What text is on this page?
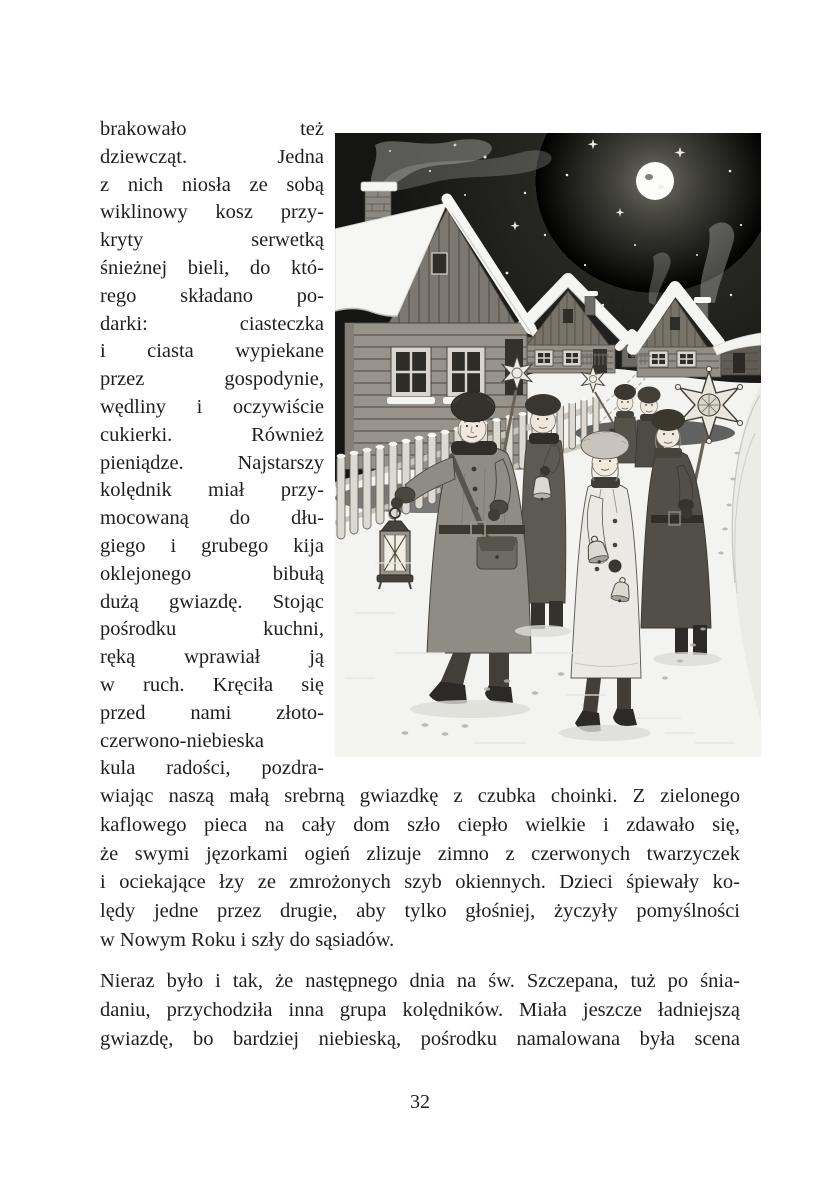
brakowało też
dziewcząt. Jedna
z nich niosła ze sobą
wiklinowy kosz przy-
kryty serwetką
śnieżnej bieli, do któ-
rego składano po-
darki: ciasteczka
i ciasta wypiekane
przez gospodynie,
wędliny i oczywiście
cukierki. Również
pieniądze. Najstarszy
kolędnik miał przy-
mocowaną do dłu-
giego i grubego kija
oklejonego bibułą
dużą gwiazdę. Stojąc
pośrodku kuchni,
ręką wprawiał ją
w ruch. Kręciła się
przed nami złoto-
czerwono-niebieska
kula radości, pozdra-
wiając naszą małą srebrną gwiazdkę z czubka choinki. Z zielonego
kaflowego pieca na cały dom szło ciepło wielkie i zdawało się,
że swymi jęzorkami ogień zlizuje zimno z czerwonych twarzyczek
i ociekające łzy ze zmrożonych szyb okiennych. Dzieci śpiewały ko-
lędy jedne przez drugie, aby tylko głośniej, życzyły pomyślności
w Nowym Roku i szły do sąsiadów.
Nieraz było i tak, że następnego dnia na św. Szczepana, tuż po śnia-
daniu, przychodziła inna grupa kolędników. Miała jeszcze ładniejszą
gwiazdę, bo bardziej niebieską, pośrodku namalowana była scena
32
